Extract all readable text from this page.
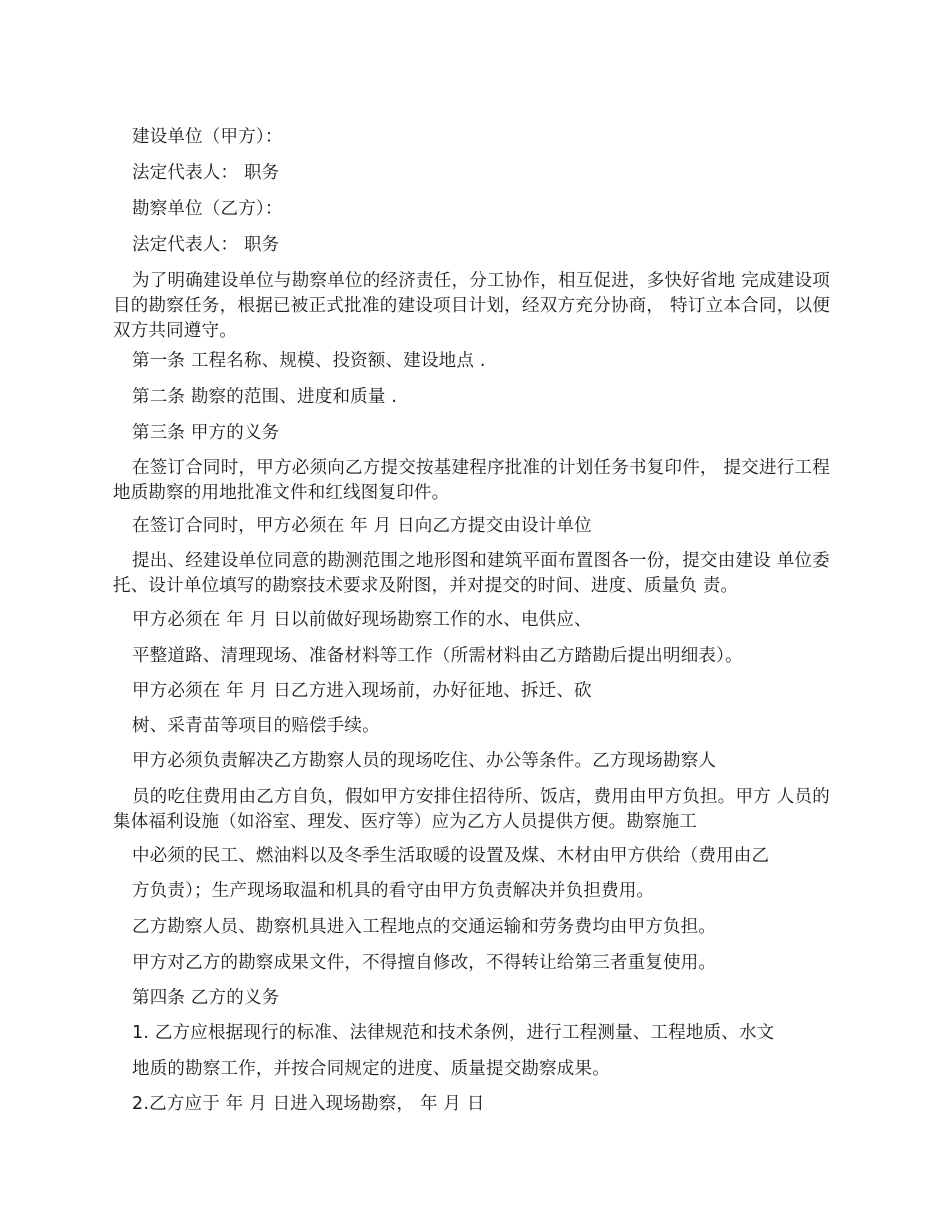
建设单位（甲方）：
法定代表人： 职务
勘察单位（乙方）：
法定代表人： 职务
为了明确建设单位与勘察单位的经济责任，分工协作，相互促进，多快好省地 完成建设项目的勘察任务，根据已被正式批准的建设项目计划，经双方充分协商， 特订立本合同，以便双方共同遵守。
第一条 工程名称、规模、投资额、建设地点 .
第二条 勘察的范围、进度和质量 .
第三条 甲方的义务
在签订合同时，甲方必须向乙方提交按基建程序批准的计划任务书复印件， 提交进行工程地质勘察的用地批准文件和红线图复印件。
在签订合同时，甲方必须在 年 月 日向乙方提交由设计单位
提出、经建设单位同意的勘测范围之地形图和建筑平面布置图各一份，提交由建设 单位委托、设计单位填写的勘察技术要求及附图，并对提交的时间、进度、质量负 责。
甲方必须在 年 月 日以前做好现场勘察工作的水、电供应、
平整道路、清理现场、准备材料等工作（所需材料由乙方踏勘后提出明细表）。
甲方必须在 年 月 日乙方进入现场前，办好征地、拆迁、砍
树、采青苗等项目的赔偿手续。
甲方必须负责解决乙方勘察人员的现场吃住、办公等条件。乙方现场勘察人
员的吃住费用由乙方自负，假如甲方安排住招待所、饭店，费用由甲方负担。甲方 人员的集体福利设施（如浴室、理发、医疗等）应为乙方人员提供方便。勘察施工
中必须的民工、燃油料以及冬季生活取暖的设置及煤、木材由甲方供给（费用由乙
方负责）；生产现场取温和机具的看守由甲方负责解决并负担费用。
乙方勘察人员、勘察机具进入工程地点的交通运输和劳务费均由甲方负担。
甲方对乙方的勘察成果文件，不得擅自修改，不得转让给第三者重复使用。
第四条 乙方的义务
1. 乙方应根据现行的标准、法律规范和技术条例，进行工程测量、工程地质、水文
地质的勘察工作，并按合同规定的进度、质量提交勘察成果。
2.乙方应于 年 月 日进入现场勘察， 年 月 日
